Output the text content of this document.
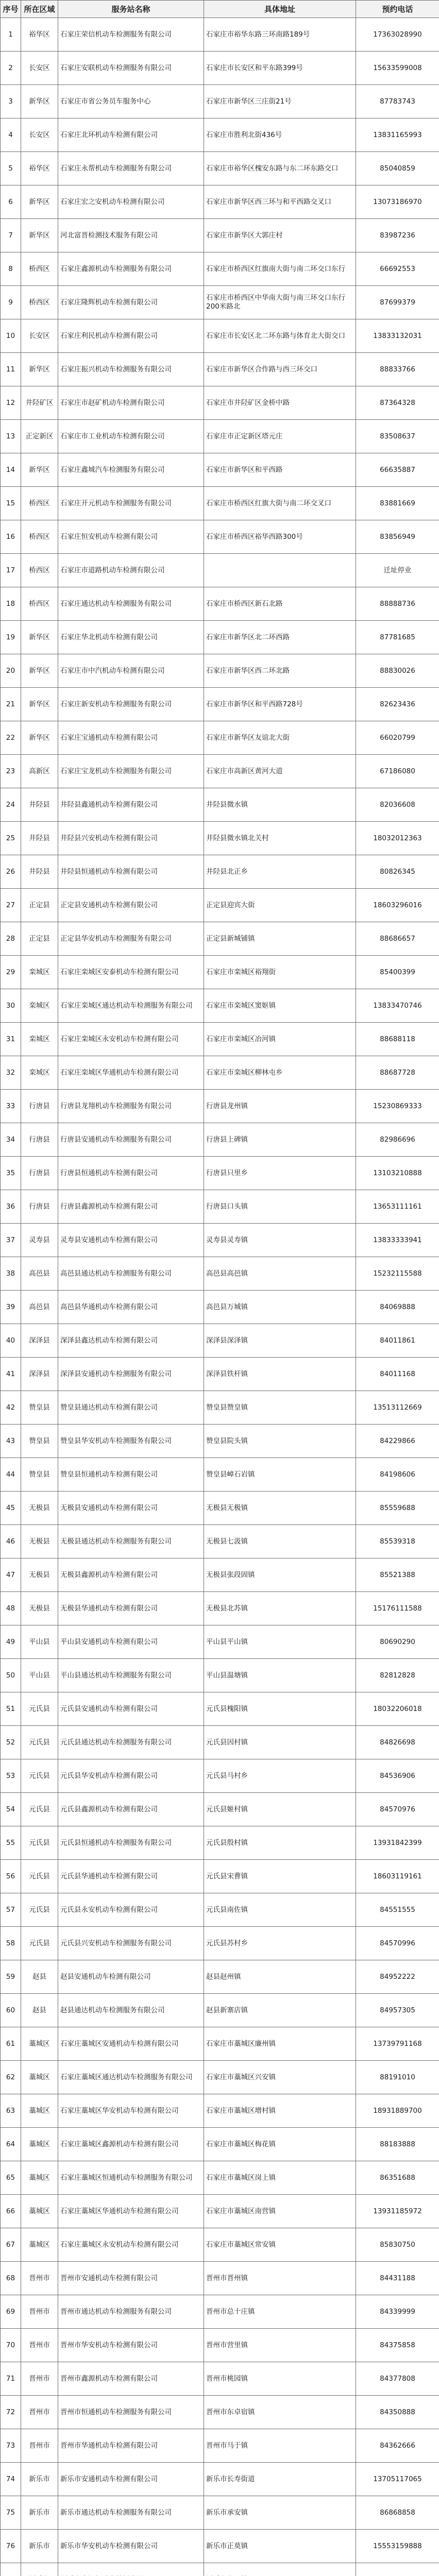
序号	所在区域	服务站名称	具体地址	预约电话
1	裕华区	石家庄荣信机动车检测服务有限公司	石家庄市裕华东路三环南路189号	17363028990
2	长安区	石家庄安联机动车检测服务有限公司	石家庄市长安区和平东路399号	15633599008
3	新华区	石家庄市省公务员车服务中心	石家庄市新华区三庄街21号	87783743
4	长安区	石家庄北环机动车检测有限公司	石家庄市胜利北街436号	13831165993
5	裕华区	石家庄永帮机动车检测服务有限公司	石家庄市裕华区槐安东路与东二环东路交口	85040859
6	新华区	石家庄宏之安机动车检测有限公司	石家庄市新华区西三环与和平西路交叉口	13073186970
7	新华区	河北富晋检测技术服务有限公司	石家庄市新华区大郭庄村	83987236
8	桥西区	石家庄鑫源机动车检测服务有限公司	石家庄市桥西区红旗南大街与南二环交口东行	66692553
9	桥西区	石家庄隆辉机动车检测有限公司	石家庄市桥西区中华南大街与南三环交口东行200米路北	87699379
10	长安区	石家庄利民机动车检测有限公司	石家庄市长安区北二环东路与体育北大街交口	13833132031
11	新华区	石家庄振兴机动车检测服务有限公司	石家庄市新华区合作路与西三环交口	88833766
12	井陉矿区	石家庄市赵矿机动车检测有限公司	石家庄市井陉矿区金桥中路	87364328
13	正定新区	石家庄市工业机动车检测有限公司	石家庄市正定新区塔元庄	83508637
14	新华区	石家庄鑫城汽车检测服务有限公司	石家庄市新华区和平西路	66635887
15	桥西区	石家庄开元机动车检测服务有限公司	石家庄市桥西区红旗大街与南二环交叉口	83881669
16	桥西区	石家庄恒安机动车检测有限公司	石家庄市桥西区裕华西路300号	83856949
17	桥西区	石家庄市道路机动车检测有限公司		迁址停业
18	桥西区	石家庄通达机动车检测服务有限公司	石家庄市桥西区新石北路	88888736
19	新华区	石家庄华北机动车检测有限公司	石家庄市新华区北二环西路	87781685
20	新华区	石家庄市中汽机动车检测有限公司	石家庄市新华区西二环北路	88830026
21	新华区	石家庄新安机动车检测服务有限公司	石家庄市新华区和平西路728号	82623436
22	新华区	石家庄宝通机动车检测有限公司	石家庄市新华区友谊北大街	66020799
23	高新区	石家庄宝龙机动车检测服务有限公司	石家庄市高新区黄河大道	67186080
24	井陉县	井陉县鑫通机动车检测有限公司	井陉县微水镇	82036608
25	井陉县	井陉县兴安机动车检测有限公司	井陉县微水镇北关村	18032012363
26	井陉县	井陉县恒通机动车检测有限公司	井陉县北正乡	80826345
27	正定县	正定县安通机动车检测有限公司	正定县迎宾大街	18603296016
28	正定县	正定县华安机动车检测服务有限公司	正定县新城铺镇	88686657
29	栾城区	石家庄栾城区安泰机动车检测有限公司	石家庄市栾城区裕翔街	85400399
30	栾城区	石家庄栾城区通达机动车检测服务有限公司	石家庄市栾城区窦妪镇	13833470746
31	栾城区	石家庄栾城区永安机动车检测有限公司	石家庄市栾城区冶河镇	88688118
32	栾城区	石家庄栾城区华通机动车检测有限公司	石家庄市栾城区柳林屯乡	88687728
33	行唐县	行唐县龙翔机动车检测服务有限公司	行唐县龙州镇	15230869333
34	行唐县	行唐县安通机动车检测服务有限公司	行唐县上碑镇	82986696
35	行唐县	行唐县恒通机动车检测有限公司	行唐县只里乡	13103210888
36	行唐县	行唐县鑫源机动车检测有限公司	行唐县口头镇	13653111161
37	灵寿县	灵寿县安通机动车检测有限公司	灵寿县灵寿镇	13833333941
38	高邑县	高邑县通达机动车检测服务有限公司	高邑县高邑镇	15232115588
39	高邑县	高邑县华通机动车检测有限公司	高邑县万城镇	84069888
40	深泽县	深泽县鑫达机动车检测有限公司	深泽县深泽镇	84011861
41	深泽县	深泽县安通机动车检测服务有限公司	深泽县铁杆镇	84011168
42	赞皇县	赞皇县通达机动车检测有限公司	赞皇县赞皇镇	13513112669
43	赞皇县	赞皇县华安机动车检测服务有限公司	赞皇县院头镇	84229866
44	赞皇县	赞皇县恒通机动车检测有限公司	赞皇县嶂石岩镇	84198606
45	无极县	无极县安通机动车检测有限公司	无极县无极镇	85559688
46	无极县	无极县通达机动车检测服务有限公司	无极县七汲镇	85539318
47	无极县	无极县鑫源机动车检测有限公司	无极县张段固镇	85521388
48	无极县	无极县华通机动车检测有限公司	无极县北苏镇	15176111588
49	平山县	平山县安通机动车检测有限公司	平山县平山镇	80690290
50	平山县	平山县通达机动车检测服务有限公司	平山县温塘镇	82812828
51	元氏县	元氏县安通机动车检测有限公司	元氏县槐阳镇	18032206018
52	元氏县	元氏县通达机动车检测服务有限公司	元氏县因村镇	84826698
53	元氏县	元氏县华安机动车检测有限公司	元氏县马村乡	84536906
54	元氏县	元氏县鑫源机动车检测有限公司	元氏县姬村镇	84570976
55	元氏县	元氏县恒通机动车检测服务有限公司	元氏县殷村镇	13931842399
56	元氏县	元氏县华通机动车检测有限公司	元氏县宋曹镇	18603119161
57	元氏县	元氏县永安机动车检测有限公司	元氏县南佐镇	84551555
58	元氏县	元氏县兴安机动车检测服务有限公司	元氏县苏村乡	84570996
59	赵县	赵县安通机动车检测有限公司	赵县赵州镇	84952222
60	赵县	赵县通达机动车检测服务有限公司	赵县新寨店镇	84957305
61	藁城区	石家庄藁城区安通机动车检测有限公司	石家庄市藁城区廉州镇	13739791168
62	藁城区	石家庄藁城区通达机动车检测服务有限公司	石家庄市藁城区兴安镇	88191010
63	藁城区	石家庄藁城区华安机动车检测有限公司	石家庄市藁城区增村镇	18931889700
64	藁城区	石家庄藁城区鑫源机动车检测有限公司	石家庄市藁城区梅花镇	88183888
65	藁城区	石家庄藁城区恒通机动车检测服务有限公司	石家庄市藁城区岗上镇	86351688
66	藁城区	石家庄藁城区华通机动车检测有限公司	石家庄市藁城区南营镇	13931185972
67	藁城区	石家庄藁城区永安机动车检测有限公司	石家庄市藁城区常安镇	85830750
68	晋州市	晋州市安通机动车检测有限公司	晋州市晋州镇	84431188
69	晋州市	晋州市通达机动车检测服务有限公司	晋州市总十庄镇	84339999
70	晋州市	晋州市华安机动车检测有限公司	晋州市营里镇	84375858
71	晋州市	晋州市鑫源机动车检测有限公司	晋州市桃园镇	84377808
72	晋州市	晋州市恒通机动车检测服务有限公司	晋州市东卓宿镇	84350888
73	晋州市	晋州市华通机动车检测有限公司	晋州市马于镇	84362666
74	新乐市	新乐市安通机动车检测有限公司	新乐市长寿街道	13705117065
75	新乐市	新乐市通达机动车检测服务有限公司	新乐市承安镇	86868858
76	新乐市	新乐市华安机动车检测有限公司	新乐市正莫镇	15553159888
